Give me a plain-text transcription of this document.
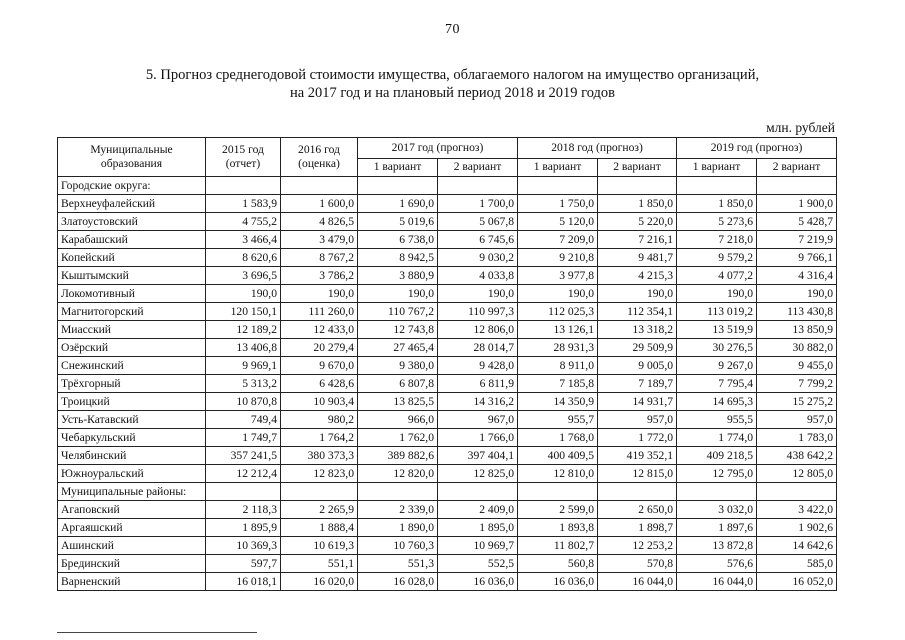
70
5. Прогноз среднегодовой стоимости имущества, облагаемого налогом на имущество организаций,
на 2017 год и на плановый период 2018 и 2019 годов
млн. рублей
Муниципальные образования	2015 год (отчет)	2016 год (оценка)	2017 год (прогноз)		2018 год (прогноз)		2019 год (прогноз)	
			1 вариант	2 вариант	1 вариант	2 вариант	1 вариант	2 вариант
Городские округа:								
Верхнеуфалейский	1 583,9	1 600,0	1 690,0	1 700,0	1 750,0	1 850,0	1 850,0	1 900,0
Златоустовский	4 755,2	4 826,5	5 019,6	5 067,8	5 120,0	5 220,0	5 273,6	5 428,7
Карабашский	3 466,4	3 479,0	6 738,0	6 745,6	7 209,0	7 216,1	7 218,0	7 219,9
Копейский	8 620,6	8 767,2	8 942,5	9 030,2	9 210,8	9 481,7	9 579,2	9 766,1
Кыштымский	3 696,5	3 786,2	3 880,9	4 033,8	3 977,8	4 215,3	4 077,2	4 316,4
Локомотивный	190,0	190,0	190,0	190,0	190,0	190,0	190,0	190,0
Магнитогорский	120 150,1	111 260,0	110 767,2	110 997,3	112 025,3	112 354,1	113 019,2	113 430,8
Миасский	12 189,2	12 433,0	12 743,8	12 806,0	13 126,1	13 318,2	13 519,9	13 850,9
Озёрский	13 406,8	20 279,4	27 465,4	28 014,7	28 931,3	29 509,9	30 276,5	30 882,0
Снежинский	9 969,1	9 670,0	9 380,0	9 428,0	8 911,0	9 005,0	9 267,0	9 455,0
Трёхгорный	5 313,2	6 428,6	6 807,8	6 811,9	7 185,8	7 189,7	7 795,4	7 799,2
Троицкий	10 870,8	10 903,4	13 825,5	14 316,2	14 350,9	14 931,7	14 695,3	15 275,2
Усть-Катавский	749,4	980,2	966,0	967,0	955,7	957,0	955,5	957,0
Чебаркульский	1 749,7	1 764,2	1 762,0	1 766,0	1 768,0	1 772,0	1 774,0	1 783,0
Челябинский	357 241,5	380 373,3	389 882,6	397 404,1	400 409,5	419 352,1	409 218,5	438 642,2
Южноуральский	12 212,4	12 823,0	12 820,0	12 825,0	12 810,0	12 815,0	12 795,0	12 805,0
Муниципальные районы:								
Агаповский	2 118,3	2 265,9	2 339,0	2 409,0	2 599,0	2 650,0	3 032,0	3 422,0
Аргаяшский	1 895,9	1 888,4	1 890,0	1 895,0	1 893,8	1 898,7	1 897,6	1 902,6
Ашинский	10 369,3	10 619,3	10 760,3	10 969,7	11 802,7	12 253,2	13 872,8	14 642,6
Брединский	597,7	551,1	551,3	552,5	560,8	570,8	576,6	585,0
Варненский	16 018,1	16 020,0	16 028,0	16 036,0	16 036,0	16 044,0	16 044,0	16 052,0
